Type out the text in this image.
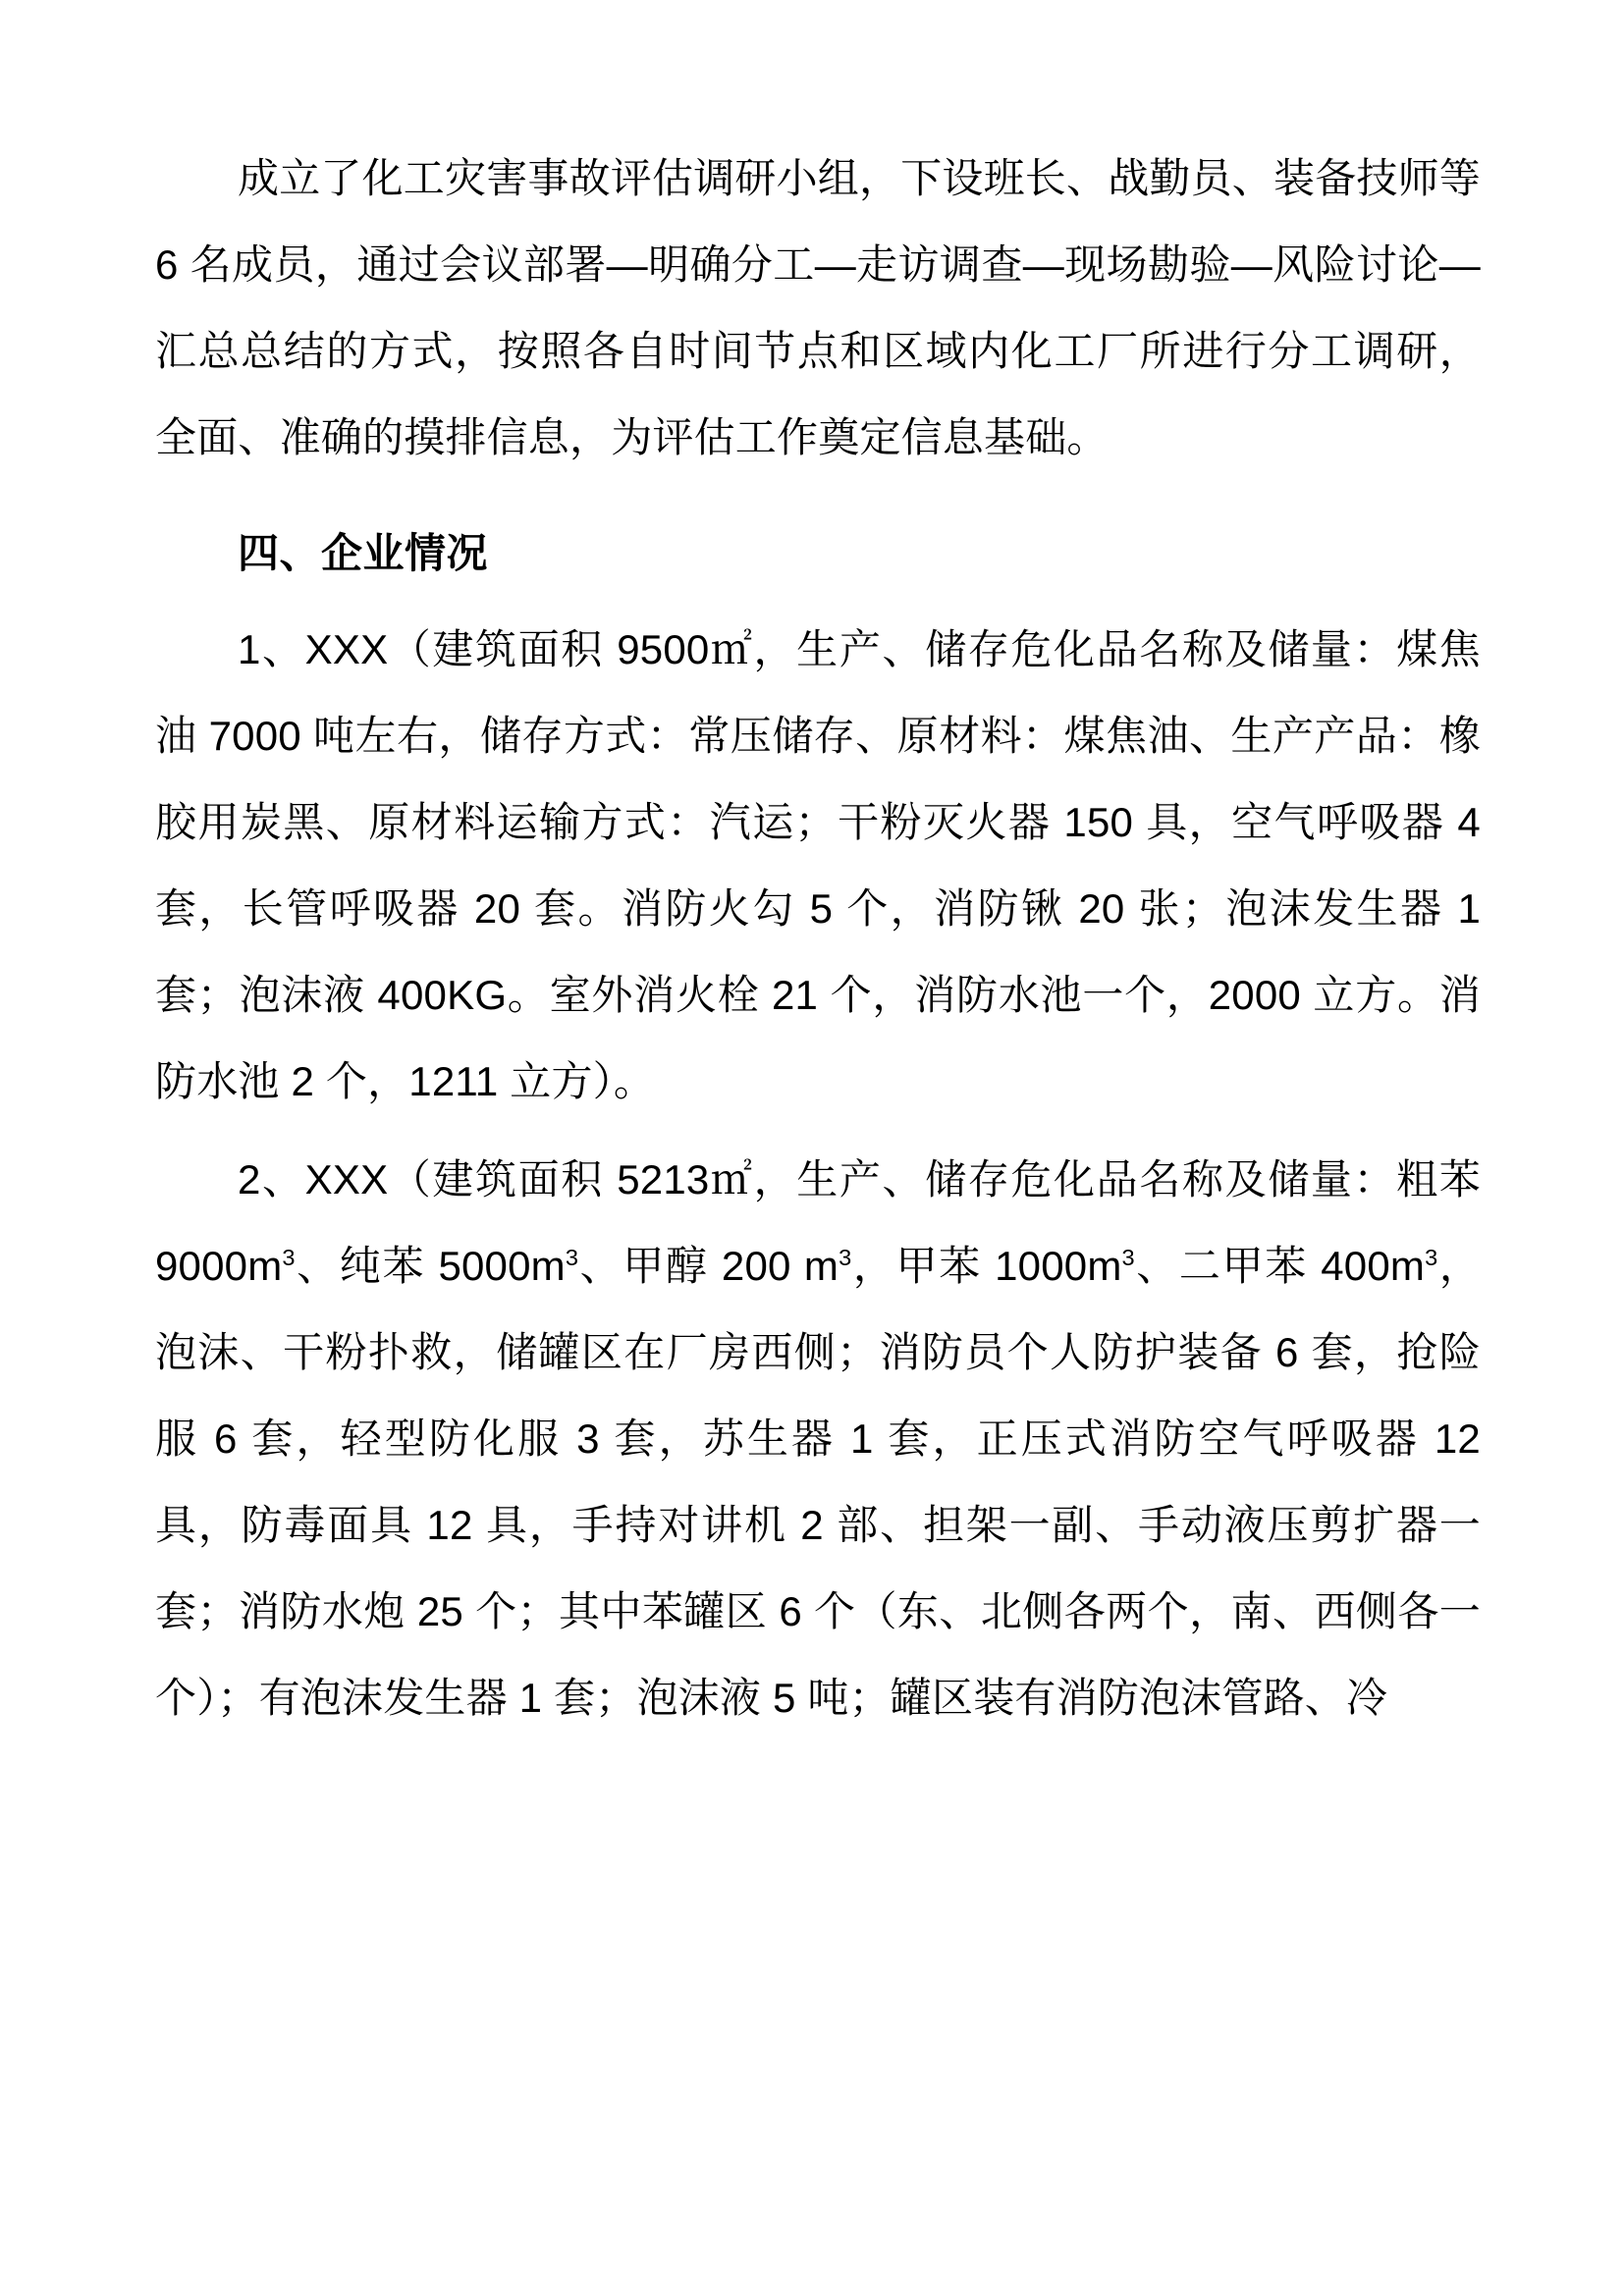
成立了化工灾害事故评估调研小组，下设班长、战勤员、装备技师等 6 名成员，通过会议部署—明确分工—走访调查—现场勘验—风险讨论—汇总总结的方式，按照各自时间节点和区域内化工厂所进行分工调研，全面、准确的摸排信息，为评估工作奠定信息基础。

四、企业情况

1、XXX（建筑面积 9500㎡，生产、储存危化品名称及储量：煤焦油 7000 吨左右，储存方式：常压储存、原材料：煤焦油、生产产品：橡胶用炭黑、原材料运输方式：汽运；干粉灭火器 150 具，空气呼吸器 4 套，长管呼吸器 20 套。消防火勾 5 个，消防锹 20 张；泡沫发生器 1 套；泡沫液 400KG。室外消火栓 21 个，消防水池一个，2000 立方。消防水池 2 个，1211 立方）。

2、XXX（建筑面积 5213㎡，生产、储存危化品名称及储量：粗苯 $9000m^3$、纯苯 $5000m^3$、甲醇 200 $m^3$，甲苯 $1000m^3$、二甲苯 $400m^3$，泡沫、干粉扑救，储罐区在厂房西侧；消防员个人防护装备 6 套，抢险服 6 套，轻型防化服 3 套，苏生器 1 套，正压式消防空气呼吸器 12 具，防毒面具 12 具，手持对讲机 2 部、担架一副、手动液压剪扩器一套；消防水炮 25 个；其中苯罐区 6 个（东、北侧各两个，南、西侧各一个）；有泡沫发生器 1 套；泡沫液 5 吨；罐区装有消防泡沫管路、冷
